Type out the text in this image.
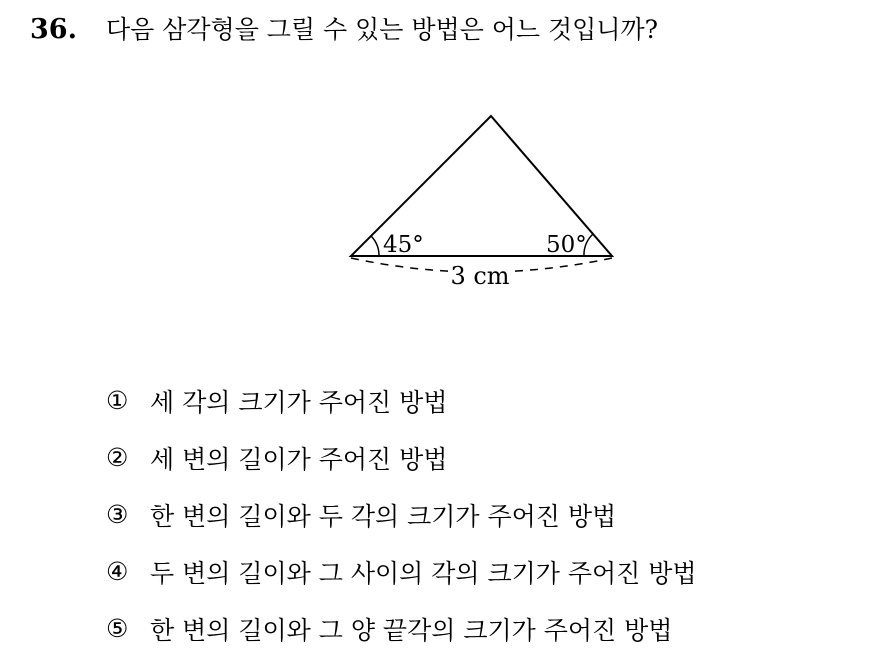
36. 다음 삼각형을 그릴 수 있는 방법은 어느 것입니까?
45°	50°
3 cm
① 세 각의 크기가 주어진 방법
② 세 변의 길이가 주어진 방법
③ 한 변의 길이와 두 각의 크기가 주어진 방법
④ 두 변의 길이와 그 사이의 각의 크기가 주어진 방법
⑤ 한 변의 길이와 그 양 끝각의 크기가 주어진 방법
